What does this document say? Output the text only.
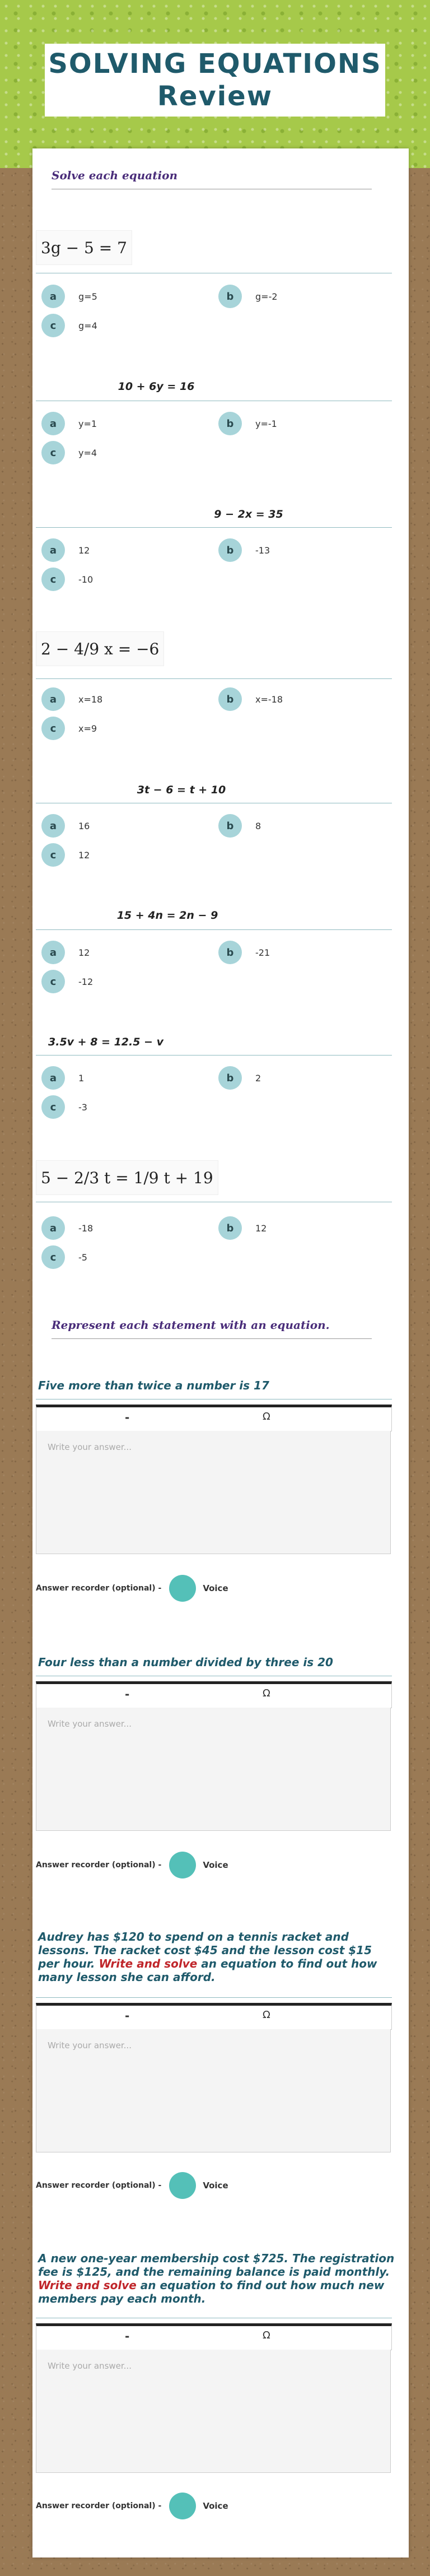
SOLVING EQUATIONS
Review
Solve each equation
3g − 5 = 7
a	g=5	b	g=-2
c	g=4
10 + 6y = 16
a	y=1	b	y=-1
c	y=4
9 − 2x = 35
a	12	b	-13
c	-10
2 − 4/9 x = −6
a	x=18	b	x=-18
c	x=9
3t − 6 = t + 10
a	16	b	8
c	12
15 + 4n = 2n − 9
a	12	b	-21
c	-12
3.5v + 8 = 12.5 − v
a	1	b	2
c	-3
5 − 2/3 t = 1/9 t + 19
a	-18	b	12
c	-5
Represent each statement with an equation.
Five more than twice a number is 17
-	Ω
Write your answer...
Answer recorder (optional) -	Voice
Four less than a number divided by three is 20
-	Ω
Write your answer...
Answer recorder (optional) -	Voice
Audrey has $120 to spend on a tennis racket and lessons. The racket cost $45 and the lesson cost $15 per hour. Write and solve an equation to find out how many lesson she can afford.
-	Ω
Write your answer...
Answer recorder (optional) -	Voice
A new one-year membership cost $725. The registration fee is $125, and the remaining balance is paid monthly. Write and solve an equation to find out how much new members pay each month.
-	Ω
Write your answer...
Answer recorder (optional) -	Voice
